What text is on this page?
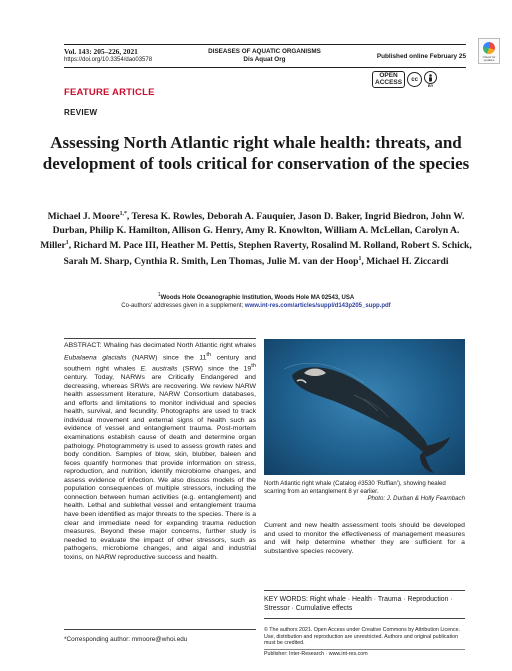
Vol. 143: 205–226, 2021
https://doi.org/10.3354/dao03578
DISEASES OF AQUATIC ORGANISMS
Dis Aquat Org	Published online February 25	Check for updates
OPEN
ACCESS	cc
BY
FEATURE ARTICLE
REVIEW
Assessing North Atlantic right whale health: threats, and development of tools critical for conservation of the species
Michael J. Moore$^{1,*}$, Teresa K. Rowles, Deborah A. Fauquier, Jason D. Baker, Ingrid Biedron, John W. Durban, Philip K. Hamilton, Allison G. Henry, Amy R. Knowlton, William A. McLellan, Carolyn A. Miller$^1$, Richard M. Pace III, Heather M. Pettis, Stephen Raverty, Rosalind M. Rolland, Robert S. Schick, Sarah M. Sharp, Cynthia R. Smith, Len Thomas, Julie M. van der Hoop$^1$, Michael H. Ziccardi
$^1$Woods Hole Oceanographic Institution, Woods Hole MA 02543, USA
Co-authors' addresses given in a supplement; www.int-res.com/articles/suppl/d143p205_supp.pdf

ABSTRACT: Whaling has decimated North Atlantic right whales Eubalaena glacialis (NARW) since the 11th century and southern right whales E. australis (SRW) since the 19th century. Today, NARWs are Critically Endangered and decreasing, whereas SRWs are recovering. We review NARW health assessment literature, NARW Consortium databases, and efforts and limitations to monitor individual and species health, survival, and fecundity. Photographs are used to track individual movement and external signs of health such as evidence of vessel and entanglement trauma. Post-mortem examinations establish cause of death and determine organ pathology. Photogrammetry is used to assess growth rates and body condition. Samples of blow, skin, blubber, baleen and feces quantify hormones that provide information on stress, reproduction, and nutrition, identify microbiome changes, and assess evidence of infection. We also discuss models of the population consequences of multiple stressors, including the connection between human activities (e.g. entanglement) and health. Lethal and sublethal vessel and entanglement trauma have been identified as major threats to the species. There is a clear and immediate need for expanding trauma reduction measures. Beyond these major concerns, further study is needed to evaluate the impact of other stressors, such as pathogens, microbiome changes, and algal and industrial toxins, on NARW reproductive success and health.

*Corresponding author: mmoore@whoi.edu
North Atlantic right whale (Catalog #3530 'Ruffian'), showing healed scarring from an entanglement 8 yr earlier.
Photo: J. Durban & Holly Fearnbach
Current and new health assessment tools should be developed and used to monitor the effectiveness of management measures and will help determine whether they are sufficient for a substantive species recovery.
KEY WORDS: Right whale · Health · Trauma · Reproduction · Stressor · Cumulative effects
© The authors 2021. Open Access under Creative Commons by Attribution Licence. Use, distribution and reproduction are unrestricted. Authors and original publication must be credited.
Publisher: Inter-Research · www.int-res.com
